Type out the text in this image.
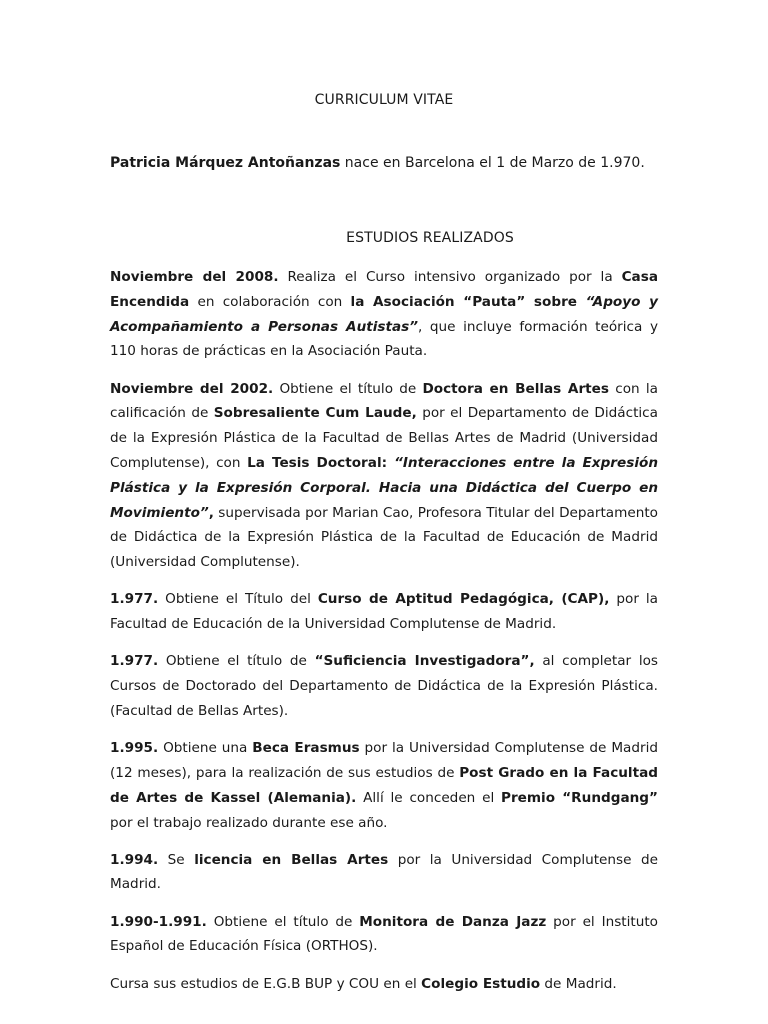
CURRICULUM VITAE
Patricia Márquez Antoñanzas nace en Barcelona el 1 de Marzo de 1.970.
ESTUDIOS REALIZADOS

Noviembre del 2008. Realiza el Curso intensivo organizado por la Casa Encendida en colaboración con la Asociación “Pauta” sobre “Apoyo y Acompañamiento a Personas Autistas”, que incluye formación teórica y 110 horas de prácticas en la Asociación Pauta.

Noviembre del 2002. Obtiene el título de Doctora en Bellas Artes con la calificación de Sobresaliente Cum Laude, por el Departamento de Didáctica de la Expresión Plástica de la Facultad de Bellas Artes de Madrid (Universidad Complutense), con La Tesis Doctoral: “Interacciones entre la Expresión Plástica y la Expresión Corporal. Hacia una Didáctica del Cuerpo en Movimiento”, supervisada por Marian Cao, Profesora Titular del Departamento de Didáctica de la Expresión Plástica de la Facultad de Educación de Madrid (Universidad Complutense).

1.977. Obtiene el Título del Curso de Aptitud Pedagógica, (CAP), por la Facultad de Educación de la Universidad Complutense de Madrid.

1.977. Obtiene el título de “Suficiencia Investigadora”, al completar los Cursos de Doctorado del Departamento de Didáctica de la Expresión Plástica. (Facultad de Bellas Artes).

1.995. Obtiene una Beca Erasmus por la Universidad Complutense de Madrid (12 meses), para la realización de sus estudios de Post Grado en la Facultad de Artes de Kassel (Alemania). Allí le conceden el Premio “Rundgang” por el trabajo realizado durante ese año.

1.994. Se licencia en Bellas Artes por la Universidad Complutense de Madrid.

1.990-1.991. Obtiene el título de Monitora de Danza Jazz por el Instituto Español de Educación Física (ORTHOS).

Cursa sus estudios de E.G.B BUP y COU en el Colegio Estudio de Madrid.
